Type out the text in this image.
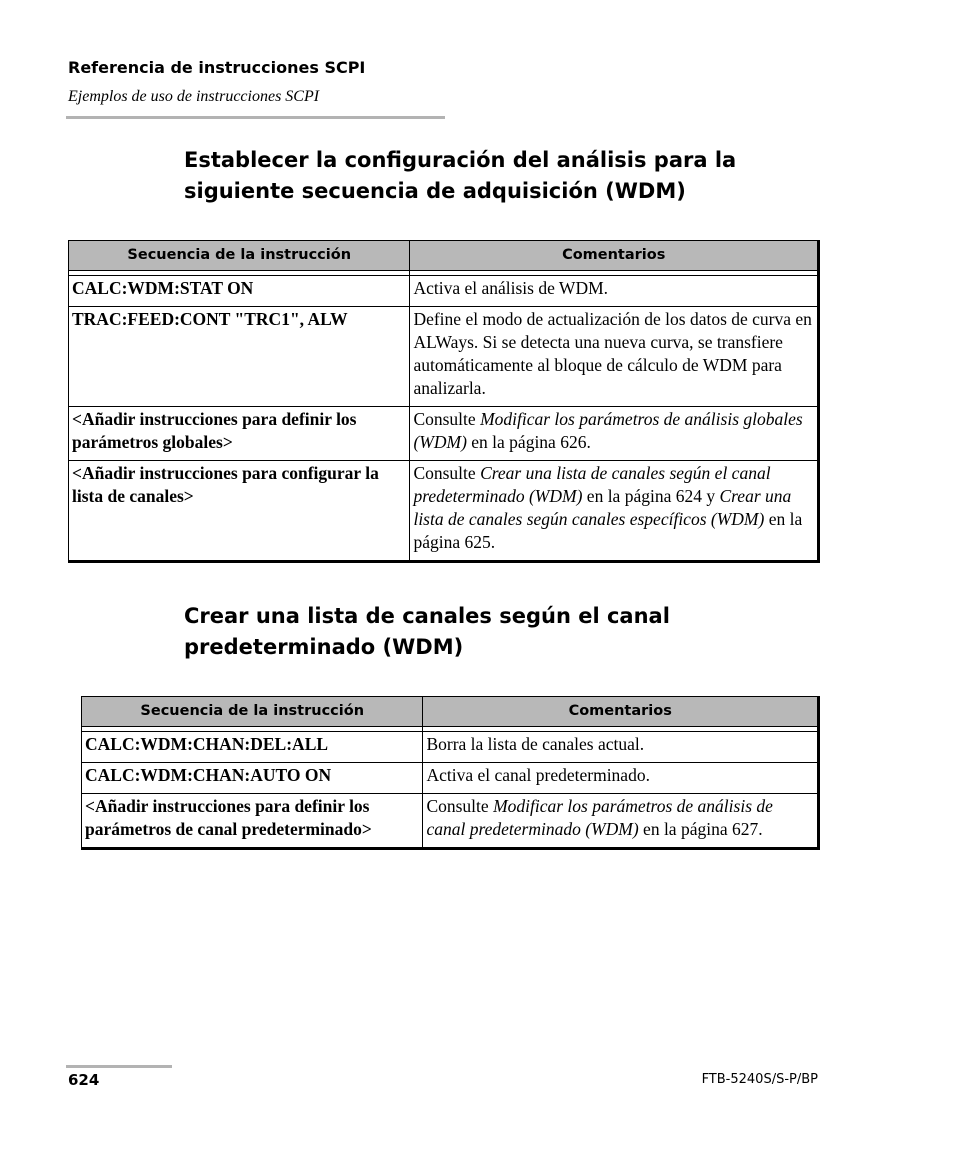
Referencia de instrucciones SCPI
Ejemplos de uso de instrucciones SCPI
Establecer la configuración del análisis para la
siguiente secuencia de adquisición (WDM)
Secuencia de la instrucción	Comentarios

CALC:WDM:STAT ON	Activa el análisis de WDM.
TRAC:FEED:CONT "TRC1", ALW	Define el modo de actualización de los datos de curva en ALWays. Si se detecta una nueva curva, se transfiere automáticamente al bloque de cálculo de WDM para analizarla.
<Añadir instrucciones para definir los parámetros globales>	Consulte Modificar los parámetros de análisis globales (WDM) en la página 626.
<Añadir instrucciones para configurar la lista de canales>	Consulte Crear una lista de canales según el canal predeterminado (WDM) en la página 624 y Crear una lista de canales según canales específicos (WDM) en la página 625.
Crear una lista de canales según el canal
predeterminado (WDM)
Secuencia de la instrucción	Comentarios

CALC:WDM:CHAN:DEL:ALL	Borra la lista de canales actual.
CALC:WDM:CHAN:AUTO ON	Activa el canal predeterminado.
<Añadir instrucciones para definir los parámetros de canal predeterminado>	Consulte Modificar los parámetros de análisis de canal predeterminado (WDM) en la página 627.
624	FTB-5240S/S-P/BP
